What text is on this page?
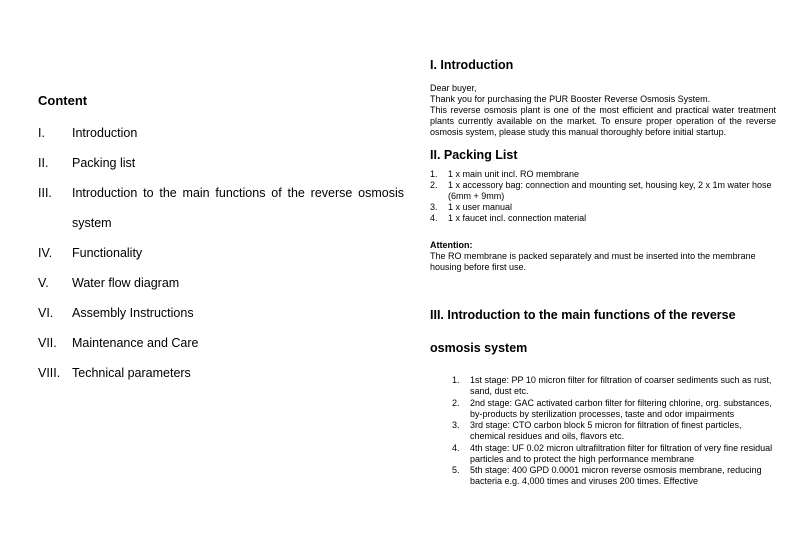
Content
I.	Introduction
II.	Packing list
III.	Introduction to the main functions of the reverse osmosis system
IV.	Functionality
V.	Water flow diagram
VI.	Assembly Instructions
VII.	Maintenance and Care
VIII. Technical parameters
I. Introduction
Dear buyer,
Thank you for purchasing the PUR Booster Reverse Osmosis System.
This reverse osmosis plant is one of the most efficient and practical water treatment plants currently available on the market. To ensure proper operation of the reverse osmosis system, please study this manual thoroughly before initial startup.
II. Packing List
1.	1 x main unit incl. RO membrane
2.	1 x accessory bag: connection and mounting set, housing key, 2 x 1m water hose (6mm + 9mm)
3.	1 x user manual
4.	1 x faucet incl. connection material
Attention:
The RO membrane is packed separately and must be inserted into the membrane housing before first use.
III. Introduction to the main functions of the reverse
osmosis system
1.	1st stage: PP 10 micron filter for filtration of coarser sediments such as rust, sand, dust etc.
2.	2nd stage: GAC activated carbon filter for filtering chlorine, org. substances, by-products by sterilization processes, taste and odor impairments
3.	3rd stage: CTO carbon block 5 micron for filtration of finest particles, chemical residues and oils, flavors etc.
4.	4th stage: UF 0.02 micron ultrafiltration filter for filtration of very fine residual particles and to protect the high performance membrane
5.	5th stage: 400 GPD 0.0001 micron reverse osmosis membrane, reducing bacteria e.g. 4,000 times and viruses 200 times. Effective
